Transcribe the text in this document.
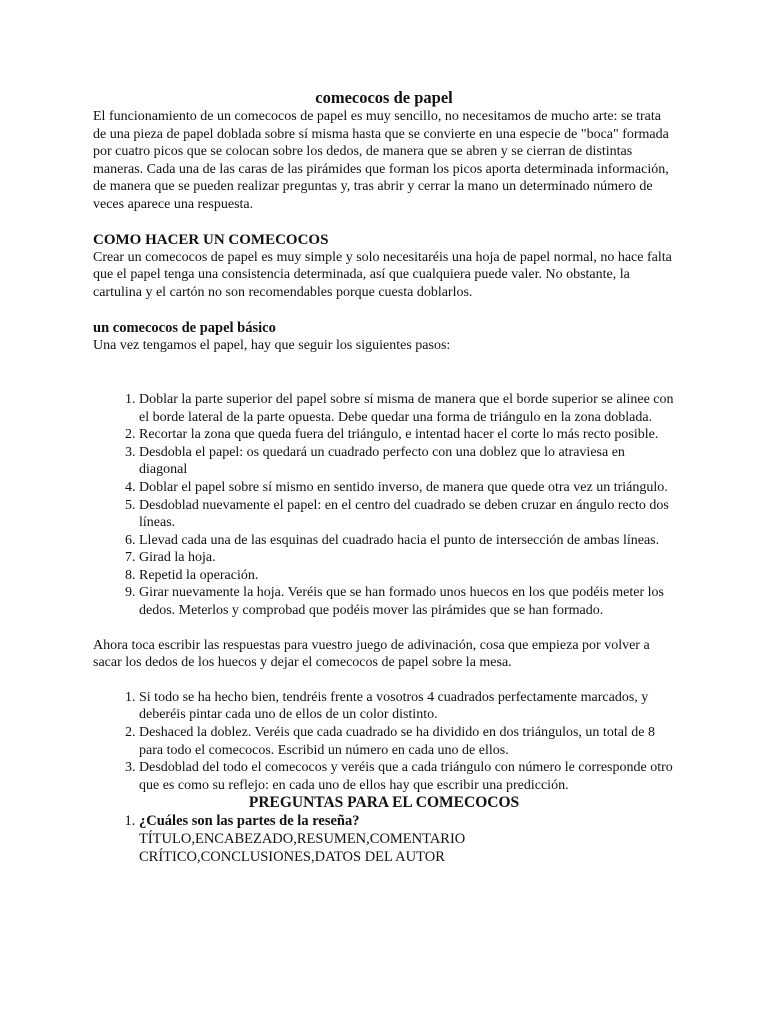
comecocos de papel

El funcionamiento de un comecocos de papel es muy sencillo, no necesitamos de mucho arte: se trata de una pieza de papel doblada sobre sí misma hasta que se convierte en una especie de "boca" formada por cuatro picos que se colocan sobre los dedos, de manera que se abren y se cierran de distintas maneras. Cada una de las caras de las pirámides que forman los picos aporta determinada información, de manera que se pueden realizar preguntas y, tras abrir y cerrar la mano un determinado número de veces aparece una respuesta.

COMO HACER UN COMECOCOS

Crear un comecocos de papel es muy simple y solo necesitaréis una hoja de papel normal, no hace falta que el papel tenga una consistencia determinada, así que cualquiera puede valer. No obstante, la cartulina y el cartón no son recomendables porque cuesta doblarlos.

un comecocos de papel básico

Una vez tengamos el papel, hay que seguir los siguientes pasos:

1. Doblar la parte superior del papel sobre sí misma de manera que el borde superior se alinee con el borde lateral de la parte opuesta. Debe quedar una forma de triángulo en la zona doblada.
2. Recortar la zona que queda fuera del triángulo, e intentad hacer el corte lo más recto posible.
3. Desdobla el papel: os quedará un cuadrado perfecto con una doblez que lo atraviesa en diagonal
4. Doblar el papel sobre sí mismo en sentido inverso, de manera que quede otra vez un triángulo.
5. Desdoblad nuevamente el papel: en el centro del cuadrado se deben cruzar en ángulo recto dos líneas.
6. Llevad cada una de las esquinas del cuadrado hacia el punto de intersección de ambas líneas.
7. Girad la hoja.
8. Repetid la operación.
9. Girar nuevamente la hoja. Veréis que se han formado unos huecos en los que podéis meter los dedos. Meterlos y comprobad que podéis mover las pirámides que se han formado.

Ahora toca escribir las respuestas para vuestro juego de adivinación, cosa que empieza por volver a sacar los dedos de los huecos y dejar el comecocos de papel sobre la mesa.

1. Si todo se ha hecho bien, tendréis frente a vosotros 4 cuadrados perfectamente marcados, y deberéis pintar cada uno de ellos de un color distinto.
2. Deshaced la doblez. Veréis que cada cuadrado se ha dividido en dos triángulos, un total de 8 para todo el comecocos. Escribid un número en cada uno de ellos.
3. Desdoblad del todo el comecocos y veréis que a cada triángulo con número le corresponde otro que es como su reflejo: en cada uno de ellos hay que escribir una predicción.
PREGUNTAS PARA EL COMECOCOS
1. ¿Cuáles son las partes de la reseña?
TÍTULO,ENCABEZADO,RESUMEN,COMENTARIO CRÍTICO,CONCLUSIONES,DATOS DEL AUTOR
